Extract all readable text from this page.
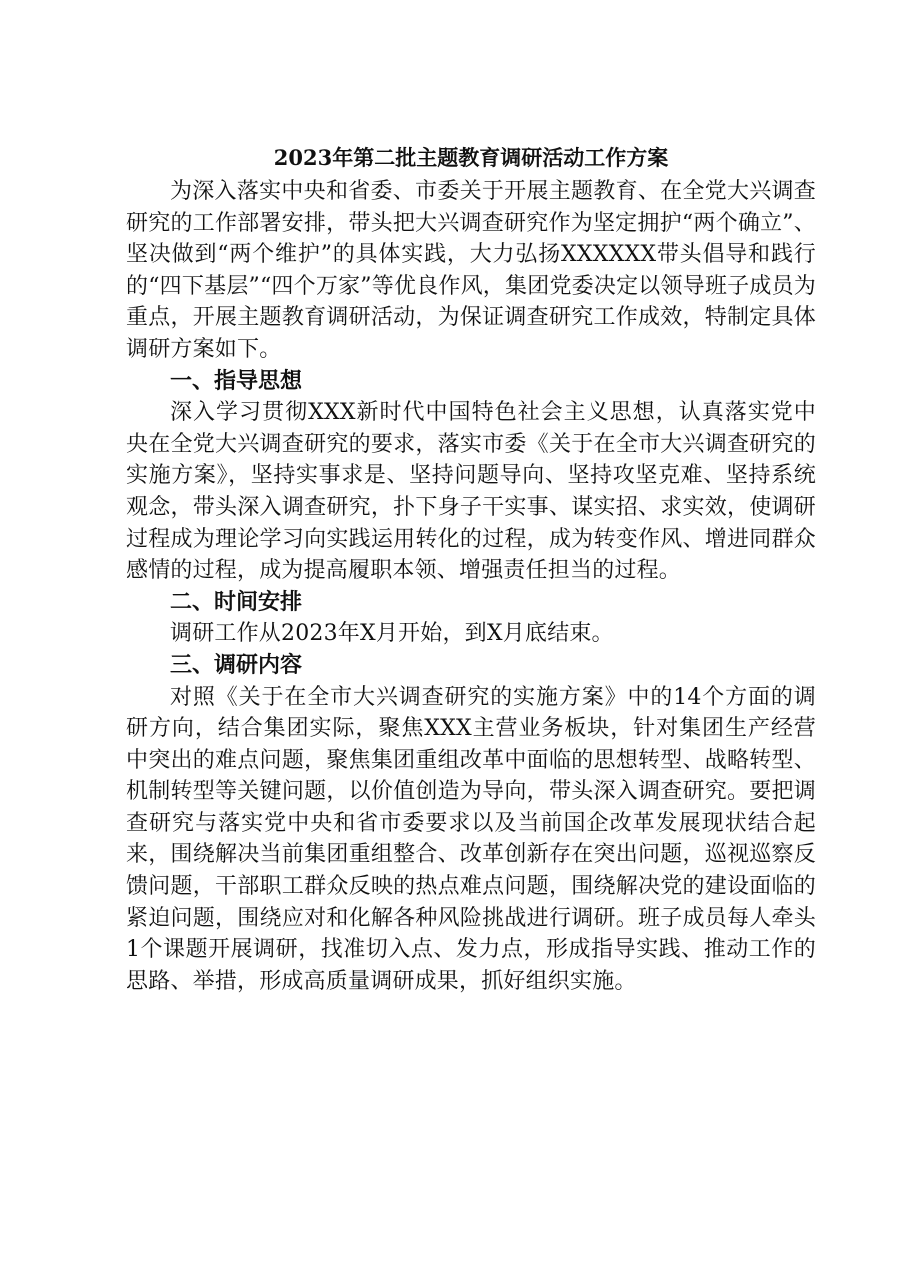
2023年第二批主题教育调研活动工作方案

为深入落实中央和省委、市委关于开展主题教育、在全党大兴调查研究的工作部署安排，带头把大兴调查研究作为坚定拥护“两个确立”、坚决做到“两个维护”的具体实践，大力弘扬XXXXXX带头倡导和践行的“四下基层”“四个万家”等优良作风，集团党委决定以领导班子成员为重点，开展主题教育调研活动，为保证调查研究工作成效，特制定具体调研方案如下。

一、指导思想

深入学习贯彻XXX新时代中国特色社会主义思想，认真落实党中央在全党大兴调查研究的要求，落实市委《关于在全市大兴调查研究的实施方案》，坚持实事求是、坚持问题导向、坚持攻坚克难、坚持系统观念，带头深入调查研究，扑下身子干实事、谋实招、求实效，使调研过程成为理论学习向实践运用转化的过程，成为转变作风、增进同群众感情的过程，成为提高履职本领、增强责任担当的过程。

二、时间安排

调研工作从2023年X月开始，到X月底结束。

三、调研内容

对照《关于在全市大兴调查研究的实施方案》中的14个方面的调研方向，结合集团实际，聚焦XXX主营业务板块，针对集团生产经营中突出的难点问题，聚焦集团重组改革中面临的思想转型、战略转型、机制转型等关键问题，以价值创造为导向，带头深入调查研究。要把调查研究与落实党中央和省市委要求以及当前国企改革发展现状结合起来，围绕解决当前集团重组整合、改革创新存在突出问题，巡视巡察反馈问题，干部职工群众反映的热点难点问题，围绕解决党的建设面临的紧迫问题，围绕应对和化解各种风险挑战进行调研。班子成员每人牵头1个课题开展调研，找准切入点、发力点，形成指导实践、推动工作的思路、举措，形成高质量调研成果，抓好组织实施。
